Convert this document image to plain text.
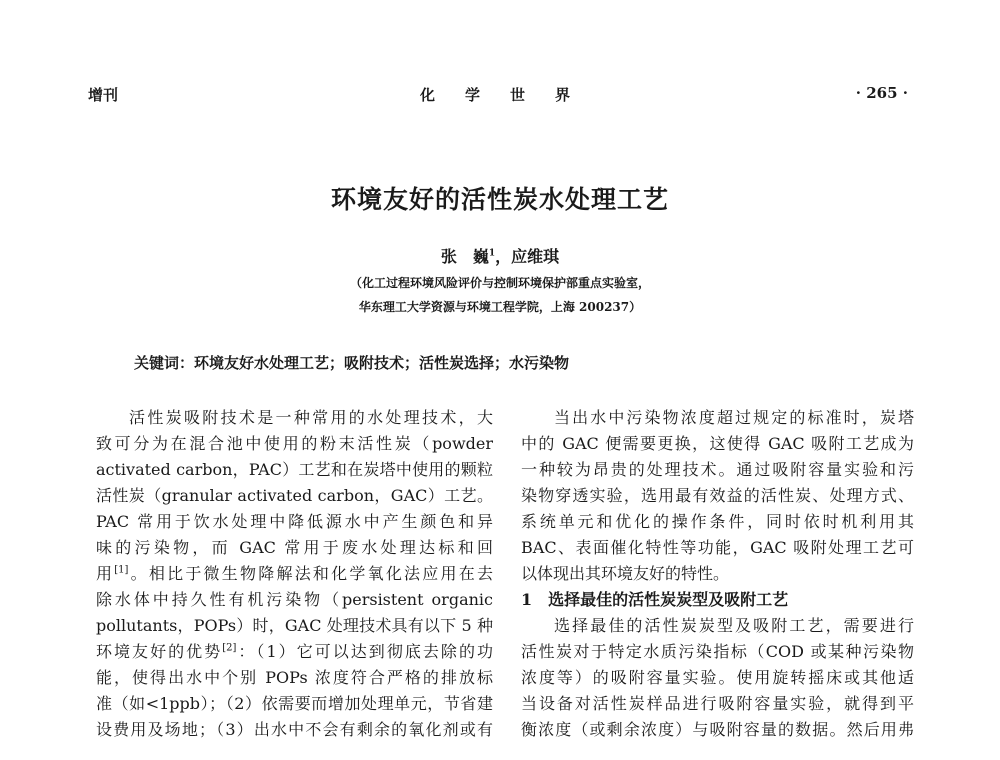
增刊	化学世界	· 265 ·
环境友好的活性炭水处理工艺
张　巍$^1$，应维琪
（化工过程环境风险评价与控制环境保护部重点实验室，
华东理工大学资源与环境工程学院，上海 200237）
关键词：环境友好水处理工艺；吸附技术；活性炭选择；水污染物
活性炭吸附技术是一种常用的水处理技术，大
致可分为在混合池中使用的粉末活性炭（powder
activated carbon，PAC）工艺和在炭塔中使用的颗粒
活性炭（granular activated carbon，GAC）工艺。
PAC 常用于饮水处理中降低源水中产生颜色和异
味的污染物，而 GAC 常用于废水处理达标和回
用[1]。相比于微生物降解法和化学氧化法应用在去
除水体中持久性有机污染物（persistent organic
pollutants，POPs）时，GAC 处理技术具有以下 5 种
环境友好的优势[2]：（1）它可以达到彻底去除的功
能，使得出水中个别 POPs 浓度符合严格的排放标
准（如<1ppb）；（2）依需要而增加处理单元，节省建
设费用及场地；（3）出水中不会有剩余的氧化剂或有
当出水中污染物浓度超过规定的标准时，炭塔
中的 GAC 便需要更换，这使得 GAC 吸附工艺成为
一种较为昂贵的处理技术。通过吸附容量实验和污
染物穿透实验，选用最有效益的活性炭、处理方式、
系统单元和优化的操作条件，同时依时机利用其
BAC、表面催化特性等功能，GAC 吸附处理工艺可
以体现出其环境友好的特性。
1　选择最佳的活性炭炭型及吸附工艺
选择最佳的活性炭炭型及吸附工艺，需要进行
活性炭对于特定水质污染指标（COD 或某种污染物
浓度等）的吸附容量实验。使用旋转摇床或其他适
当设备对活性炭样品进行吸附容量实验，就得到平
衡浓度（或剩余浓度）与吸附容量的数据。然后用弗
